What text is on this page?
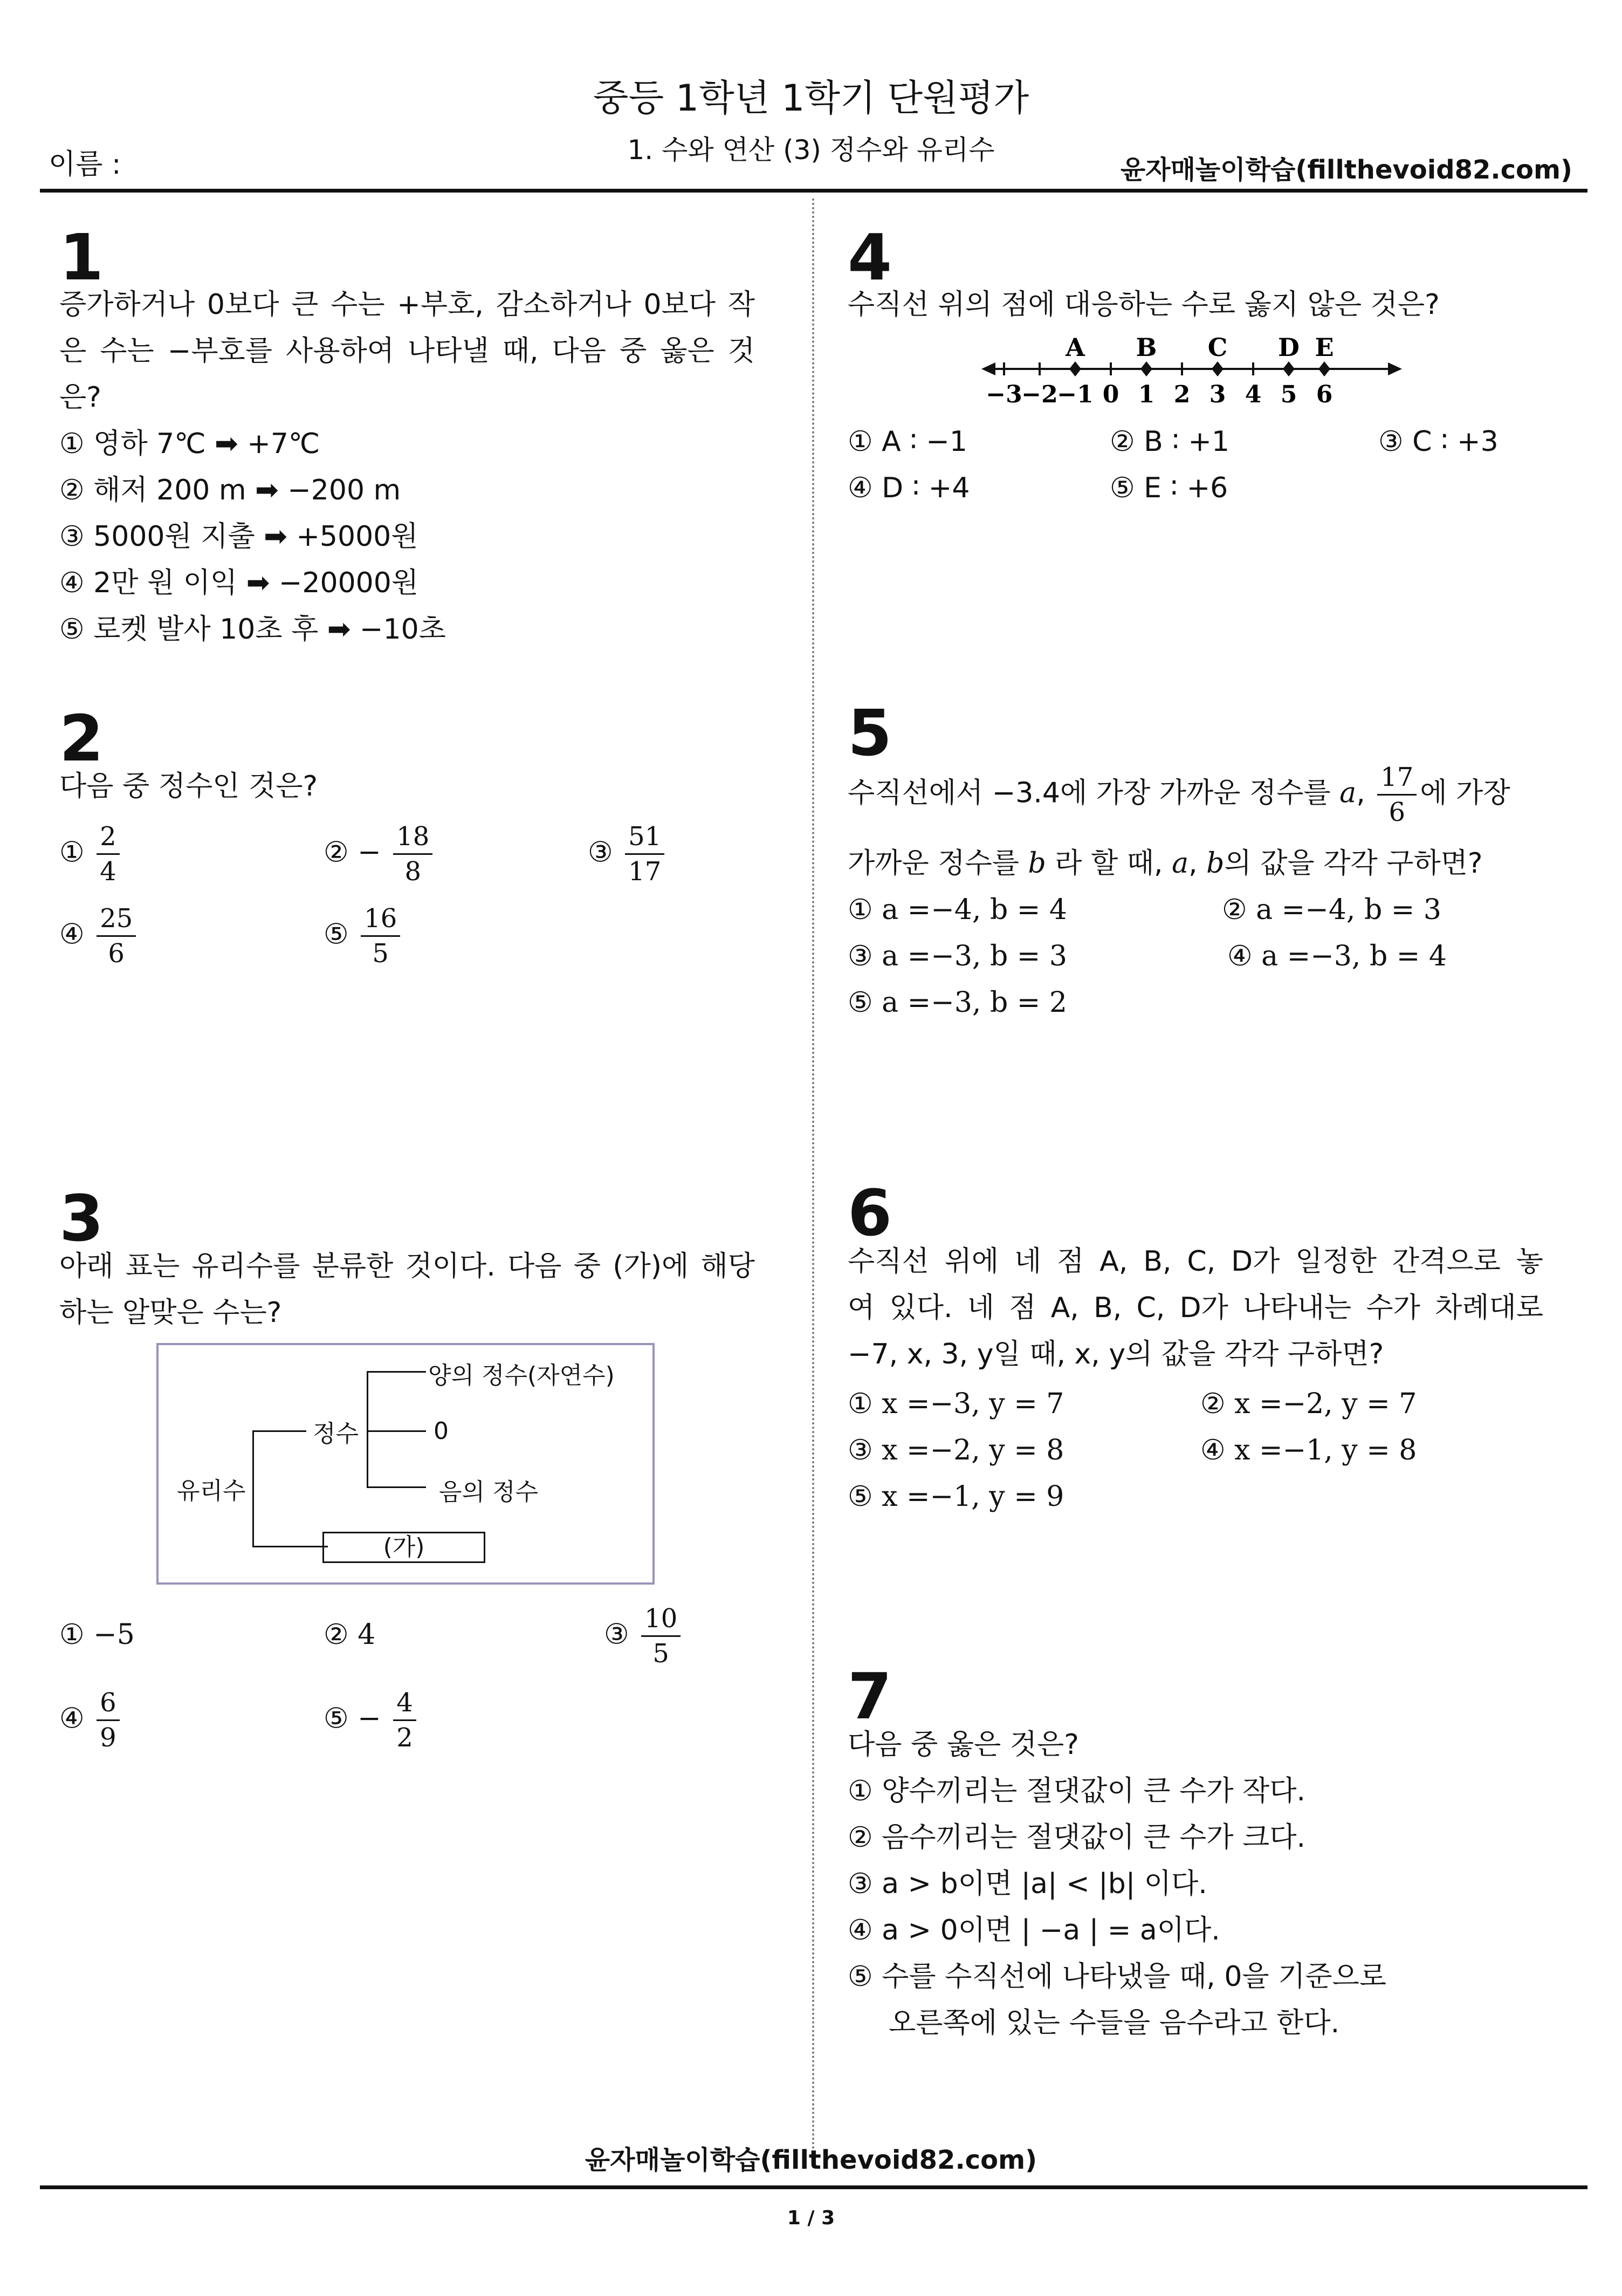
중등 1학년 1학기 단원평가
1. 수와 연산 (3) 정수와 유리수
이름 :	윤자매놀이학습(fillthevoid82.com)
1
증가하거나 0보다 큰 수는 +부호, 감소하거나 0보다 작
은 수는 −부호를 사용하여 나타낼 때, 다음 중 옳은 것
은?
① 영하 7℃ ➡ +7℃
② 해저 200 m ➡ −200 m
③ 5000원 지출 ➡ +5000원
④ 2만 원 이익 ➡ −20000원
⑤ 로켓 발사 10초 후 ➡ −10초
2
다음 중 정수인 것은?
① $\frac{2}{4}$	② − $\frac{18}{8}$	③ $\frac{51}{17}$
④ $\frac{25}{6}$	⑤ $\frac{16}{5}$
3
아래 표는 유리수를 분류한 것이다. 다음 중 (가)에 해당
하는 알맞은 수는?
양의 정수(자연수)
정수	0
유리수	음의 정수
(가)
① −5	② 4	③ $\frac{10}{5}$
④ $\frac{6}{9}$	⑤ − $\frac{4}{2}$
4
수직선 위의 점에 대응하는 수로 옳지 않은 것은?
−3
−2
−1 0 1 2 3 4 5 6
A B C D E
① A ∶ −1	② B ∶ +1	③ C ∶ +3
④ D ∶ +4	⑤ E ∶ +6
5
수직선에서 −3.4에 가장 가까운 정수를 a, $\frac{17}{6}$ 에 가장
가까운 정수를 b 라 할 때, a, b의 값을 각각 구하면?
① a =−4, b = 4	② a =−4, b = 3
③ a =−3, b = 3	④ a =−3, b = 4
⑤ a =−3, b = 2
6
수직선 위에 네 점 A, B, C, D가 일정한 간격으로 놓
여 있다. 네 점 A, B, C, D가 나타내는 수가 차례대로
−7, x, 3, y일 때, x, y의 값을 각각 구하면?
① x =−3, y = 7	② x =−2, y = 7
③ x =−2, y = 8	④ x =−1, y = 8
⑤ x =−1, y = 9
7
다음 중 옳은 것은?
① 양수끼리는 절댓값이 큰 수가 작다.
② 음수끼리는 절댓값이 큰 수가 크다.
③ a > b이면 |a| < |b| 이다.
④ a > 0이면 | −a | = a이다.
⑤ 수를 수직선에 나타냈을 때, 0을 기준으로
오른쪽에 있는 수들을 음수라고 한다.
윤자매놀이학습(fillthevoid82.com)
1 / 3
